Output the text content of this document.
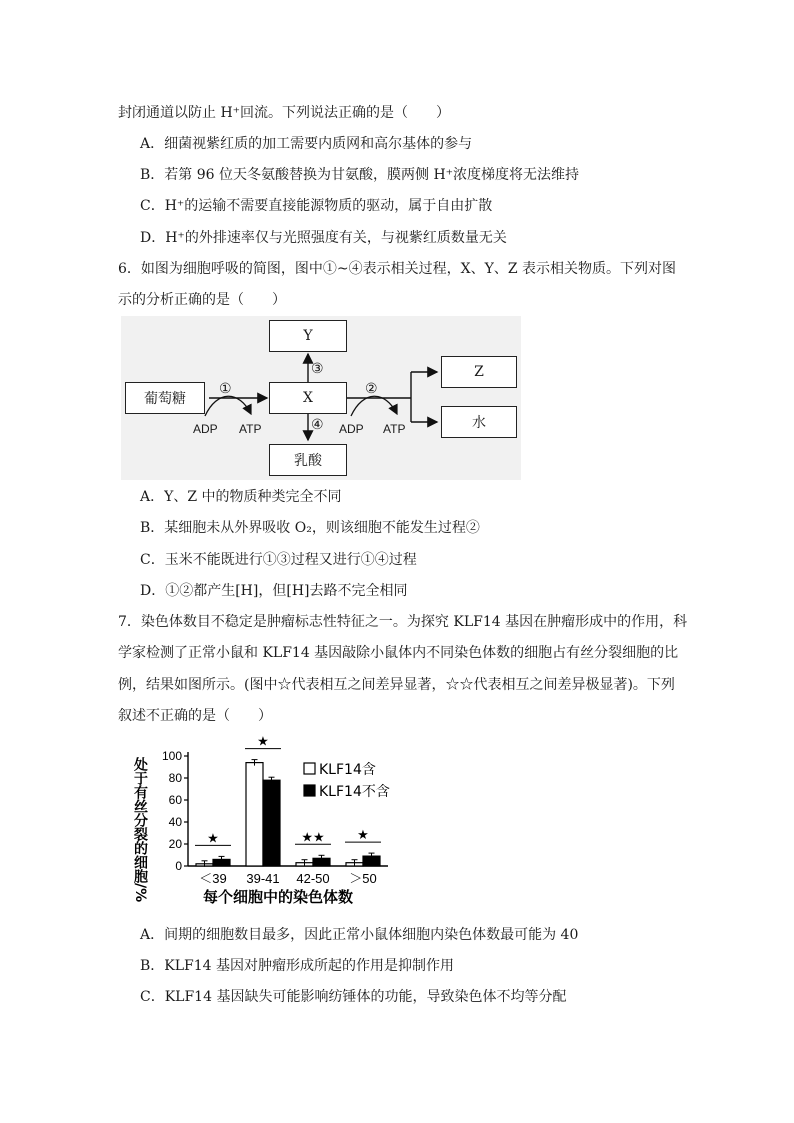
封闭通道以防止 H⁺回流。下列说法正确的是（　　）
A．细菌视紫红质的加工需要内质网和高尔基体的参与
B．若第 96 位天冬氨酸替换为甘氨酸，膜两侧 H⁺浓度梯度将无法维持
C．H⁺的运输不需要直接能源物质的驱动，属于自由扩散
D．H⁺的外排速率仅与光照强度有关，与视紫红质数量无关
6．如图为细胞呼吸的简图，图中①~④表示相关过程，X、Y、Z 表示相关物质。下列对图
示的分析正确的是（　　）
葡萄糖
Y
X
乳酸
Z
水
①	②
③
④
ADP ATP	ADP ATP
A．Y、Z 中的物质种类完全不同
B．某细胞未从外界吸收 O₂，则该细胞不能发生过程②
C．玉米不能既进行①③过程又进行①④过程
D．①②都产生[H]，但[H]去路不完全相同
7．染色体数目不稳定是肿瘤标志性特征之一。为探究 KLF14 基因在肿瘤形成中的作用，科
学家检测了正常小鼠和 KLF14 基因敲除小鼠体内不同染色体数的细胞占有丝分裂细胞的比
例，结果如图所示。(图中☆代表相互之间差异显著，☆☆代表相互之间差异极显著)。下列
叙述不正确的是（　　）
处于有丝分裂的细胞/%
100
80
60
40
20
0
★
＜39
★
39-41
★★
42-50
★
＞50
每个细胞中的染色体数
KLF14含
KLF14不含
A．间期的细胞数目最多，因此正常小鼠体细胞内染色体数最可能为 40
B．KLF14 基因对肿瘤形成所起的作用是抑制作用
C．KLF14 基因缺失可能影响纺锤体的功能，导致染色体不均等分配
